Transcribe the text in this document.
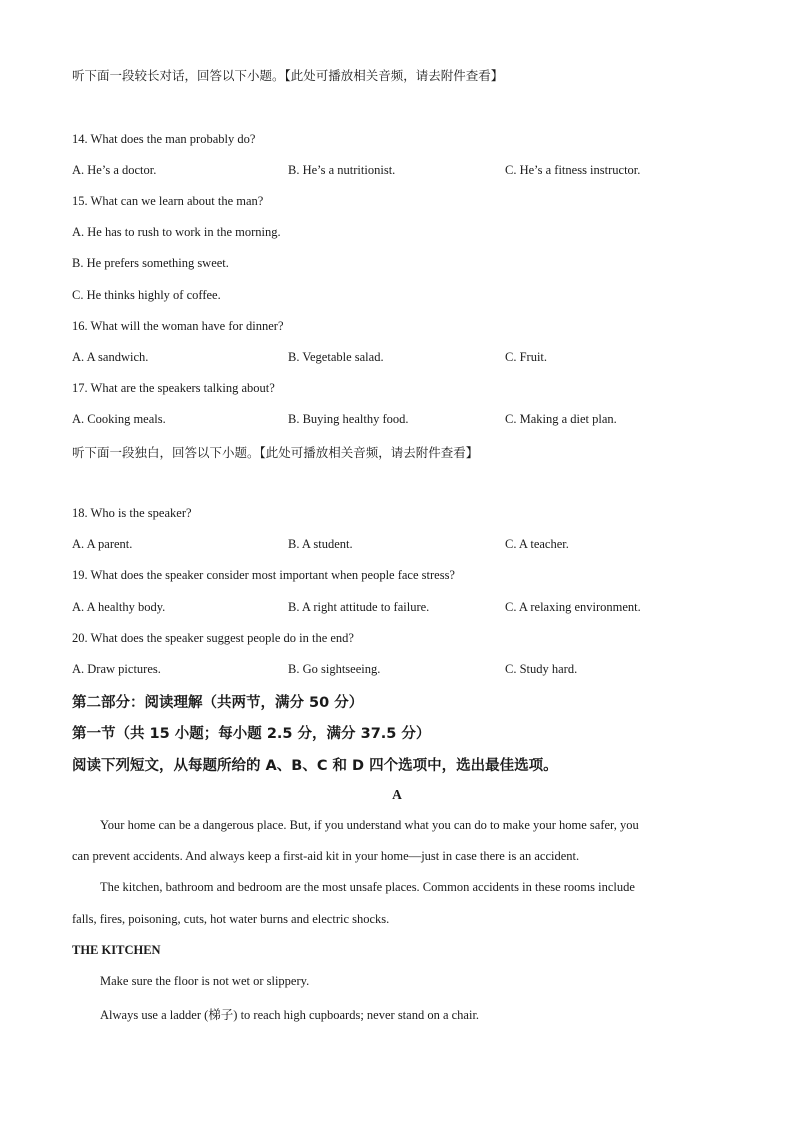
听下面一段较长对话，回答以下小题。【此处可播放相关音频，请去附件查看】
14. What does the man probably do?
A. He’s a doctor.	B. He’s a nutritionist.	C. He’s a fitness instructor.
15. What can we learn about the man?
A. He has to rush to work in the morning.
B. He prefers something sweet.
C. He thinks highly of coffee.
16. What will the woman have for dinner?
A. A sandwich.	B. Vegetable salad.	C. Fruit.
17. What are the speakers talking about?
A. Cooking meals.	B. Buying healthy food.	C. Making a diet plan.
听下面一段独白，回答以下小题。【此处可播放相关音频，请去附件查看】
18. Who is the speaker?
A. A parent.	B. A student.	C. A teacher.
19. What does the speaker consider most important when people face stress?
A. A healthy body.	B. A right attitude to failure.	C. A relaxing environment.
20. What does the speaker suggest people do in the end?
A. Draw pictures.	B. Go sightseeing.	C. Study hard.
第二部分：阅读理解（共两节，满分 50 分）
第一节（共 15 小题；每小题 2.5 分，满分 37.5 分）
阅读下列短文，从每题所给的 A、B、C 和 D 四个选项中，选出最佳选项。
A
Your home can be a dangerous place. But, if you understand what you can do to make your home safer, you
can prevent accidents. And always keep a first-aid kit in your home—just in case there is an accident.
The kitchen, bathroom and bedroom are the most unsafe places. Common accidents in these rooms include
falls, fires, poisoning, cuts, hot water burns and electric shocks.
THE KITCHEN
Make sure the floor is not wet or slippery.
Always use a ladder (梯子) to reach high cupboards; never stand on a chair.
